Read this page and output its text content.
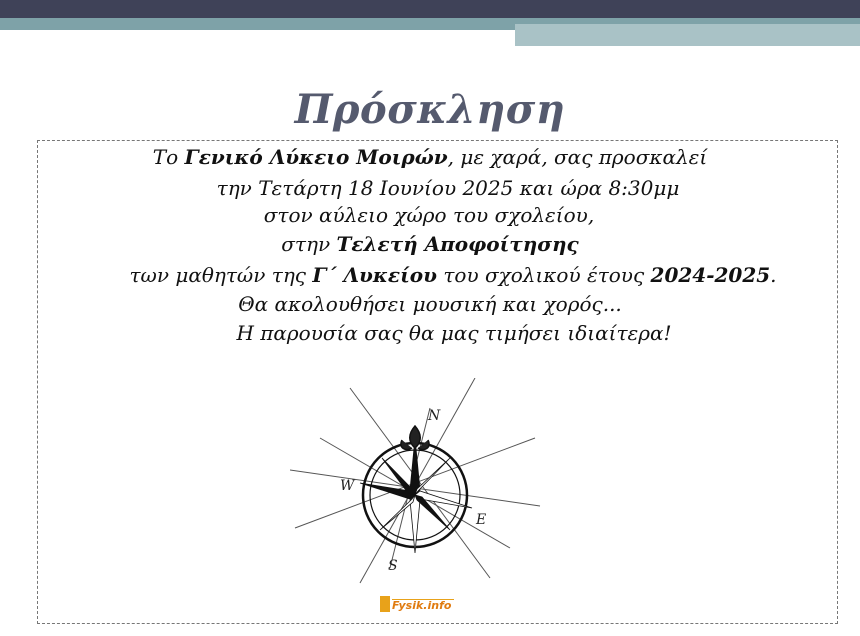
Πρόσκληση
Το Γενικό Λύκειο Μοιρών, με χαρά, σας προσκαλεί
την Τετάρτη 18 Ιουνίου 2025 και ώρα 8:30μμ
στον αύλειο χώρο του σχολείου,
στην Τελετή Αποφοίτησης
των μαθητών της Γ΄ Λυκείου του σχολικού έτους 2024-2025.
Θα ακολουθήσει μουσική και χορός...
Η παρουσία σας θα μας τιμήσει ιδιαίτερα!
N
W
E
S
Fysik.info
